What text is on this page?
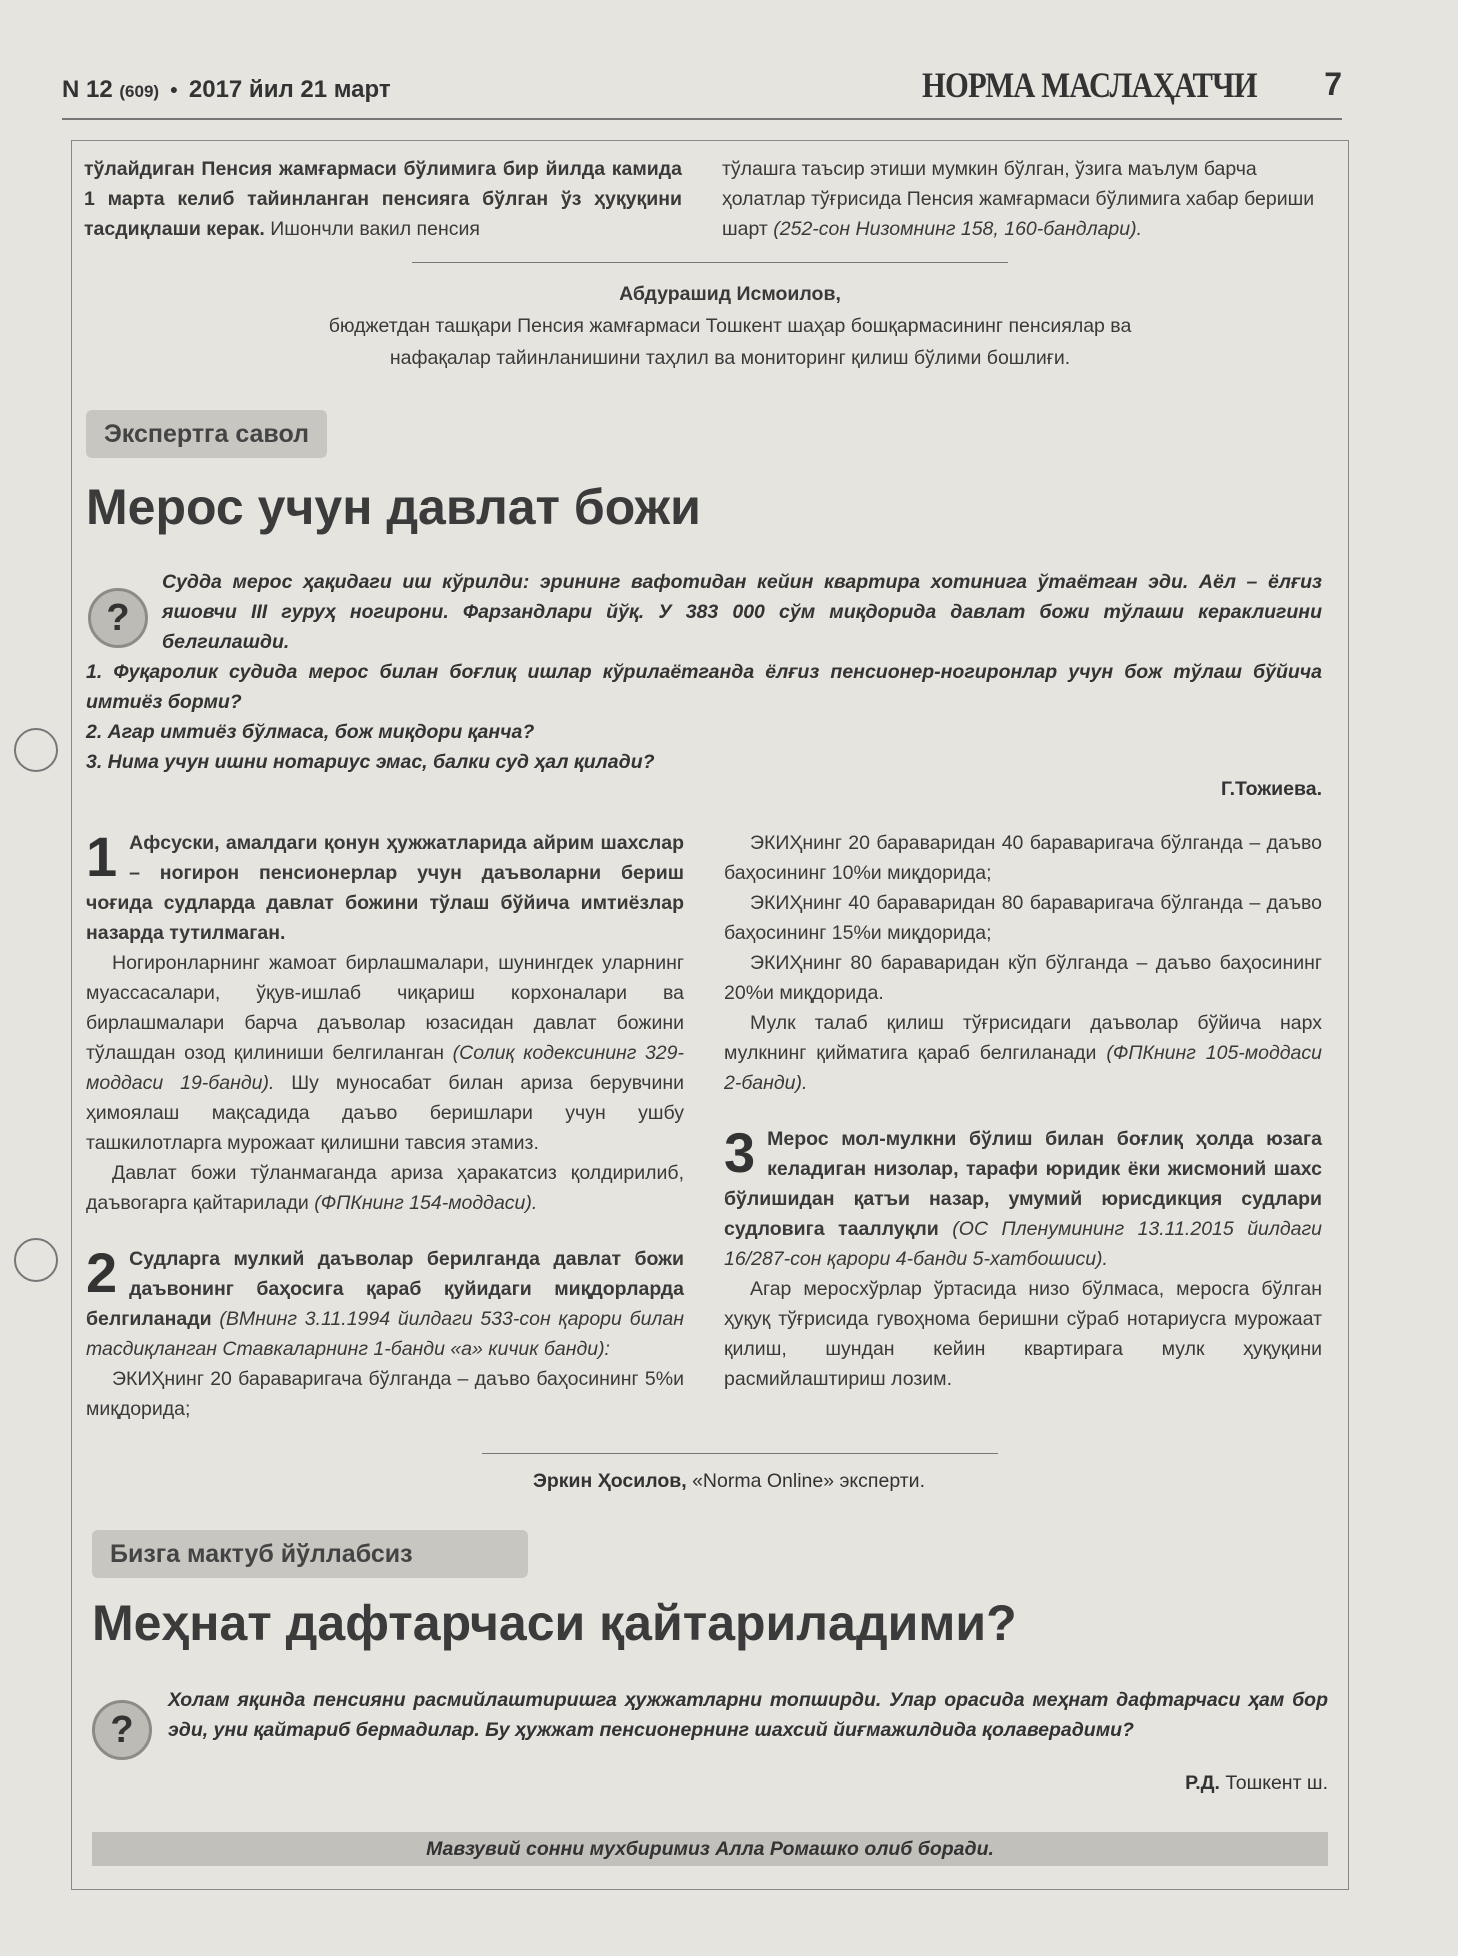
N 12 (609) ● 2017 йил 21 март	НОРМА МАСЛАҲАТЧИ 7

тўлайдиган Пенсия жамғармаси бўлимига бир йилда камида 1 марта келиб тайинланган пенсияга бўлган ўз ҳуқуқини тасдиқлаши керак. Ишончли вакил пенсия

тўлашга таъсир этиши мумкин бўлган, ўзига маълум барча ҳолатлар тўғрисида Пенсия жамғармаси бўлимига хабар бериши шарт (252-сон Низомнинг 158, 160-бандлари).

Абдурашид Исмоилов,
бюджетдан ташқари Пенсия жамғармаси Тошкент шаҳар бошқармасининг пенсиялар ва
нафақалар тайинланишини таҳлил ва мониторинг қилиш бўлими бошлиғи.
Экспертга савол
Мерос учун давлат божи
?
Судда мерос ҳақидаги иш кўрилди: эрининг вафотидан кейин квартира хотинига ўтаётган эди. Аёл – ёлғиз яшовчи III гуруҳ ногирони. Фарзандлари йўқ. У 383 000 сўм миқдорида давлат божи тўлаши кераклигини белгилашди.
1. Фуқаролик судида мерос билан боғлиқ ишлар кўрилаётганда ёлғиз пенсионер-ногиронлар учун бож тўлаш бўйича имтиёз борми?
2. Агар имтиёз бўлмаса, бож миқдори қанча?
3. Нима учун ишни нотариус эмас, балки суд ҳал қилади?
Г.Тожиева.

1 Афсуски, амалдаги қонун ҳужжатларида айрим шахслар – ногирон пенсионерлар учун даъволарни бериш чоғида судларда давлат божини тўлаш бўйича имтиёзлар назарда тутилмаган.

Ногиронларнинг жамоат бирлашмалари, шунингдек уларнинг муассасалари, ўқув-ишлаб чиқариш корхоналари ва бирлашмалари барча даъволар юзасидан давлат божини тўлашдан озод қилиниши белгиланган (Солиқ кодексининг 329-моддаси 19-банди). Шу муносабат билан ариза берувчини ҳимоялаш мақсадида даъво беришлари учун ушбу ташкилотларга мурожаат қилишни тавсия этамиз.

Давлат божи тўланмаганда ариза ҳаракатсиз қолдирилиб, даъвогарга қайтарилади (ФПКнинг 154-моддаси).

2 Судларга мулкий даъволар берилганда давлат божи даъвонинг баҳосига қараб қуйидаги миқдорларда белгиланади (ВМнинг 3.11.1994 йилдаги 533-сон қарори билан тасдиқланган Ставкаларнинг 1-банди «а» кичик банди):

ЭКИҲнинг 20 бараваригача бўлганда – даъво баҳосининг 5%и миқдорида;

ЭКИҲнинг 20 бараваридан 40 бараваригача бўлганда – даъво баҳосининг 10%и миқдорида;

ЭКИҲнинг 40 бараваридан 80 бараваригача бўлганда – даъво баҳосининг 15%и миқдорида;

ЭКИҲнинг 80 бараваридан кўп бўлганда – даъво баҳосининг 20%и миқдорида.

Мулк талаб қилиш тўғрисидаги даъволар бўйича нарх мулкнинг қийматига қараб белгиланади (ФПКнинг 105-моддаси 2-банди).

3 Мерос мол-мулкни бўлиш билан боғлиқ ҳолда юзага келадиган низолар, тарафи юридик ёки жисмоний шахс бўлишидан қатъи назар, умумий юрисдикция судлари судловига тааллуқли (ОС Пленумининг 13.11.2015 йилдаги 16/287-сон қарори 4-банди 5-хатбошиси).

Агар меросхўрлар ўртасида низо бўлмаса, меросга бўлган ҳуқуқ тўғрисида гувоҳнома беришни сўраб нотариусга мурожаат қилиш, шундан кейин квартирага мулк ҳуқуқини расмийлаштириш лозим.

Эркин Ҳосилов, «Norma Online» эксперти.
Бизга мактуб йўллабсиз
Меҳнат дафтарчаси қайтариладими?
?
Холам яқинда пенсияни расмийлаштиришга ҳужжатларни топширди. Улар орасида меҳнат дафтарчаси ҳам бор эди, уни қайтариб бермадилар. Бу ҳужжат пенсионернинг шахсий йиғмажилдида қолаверадими?
Р.Д. Тошкент ш.
Мавзувий сонни мухбиримиз Алла Ромашко олиб боради.
